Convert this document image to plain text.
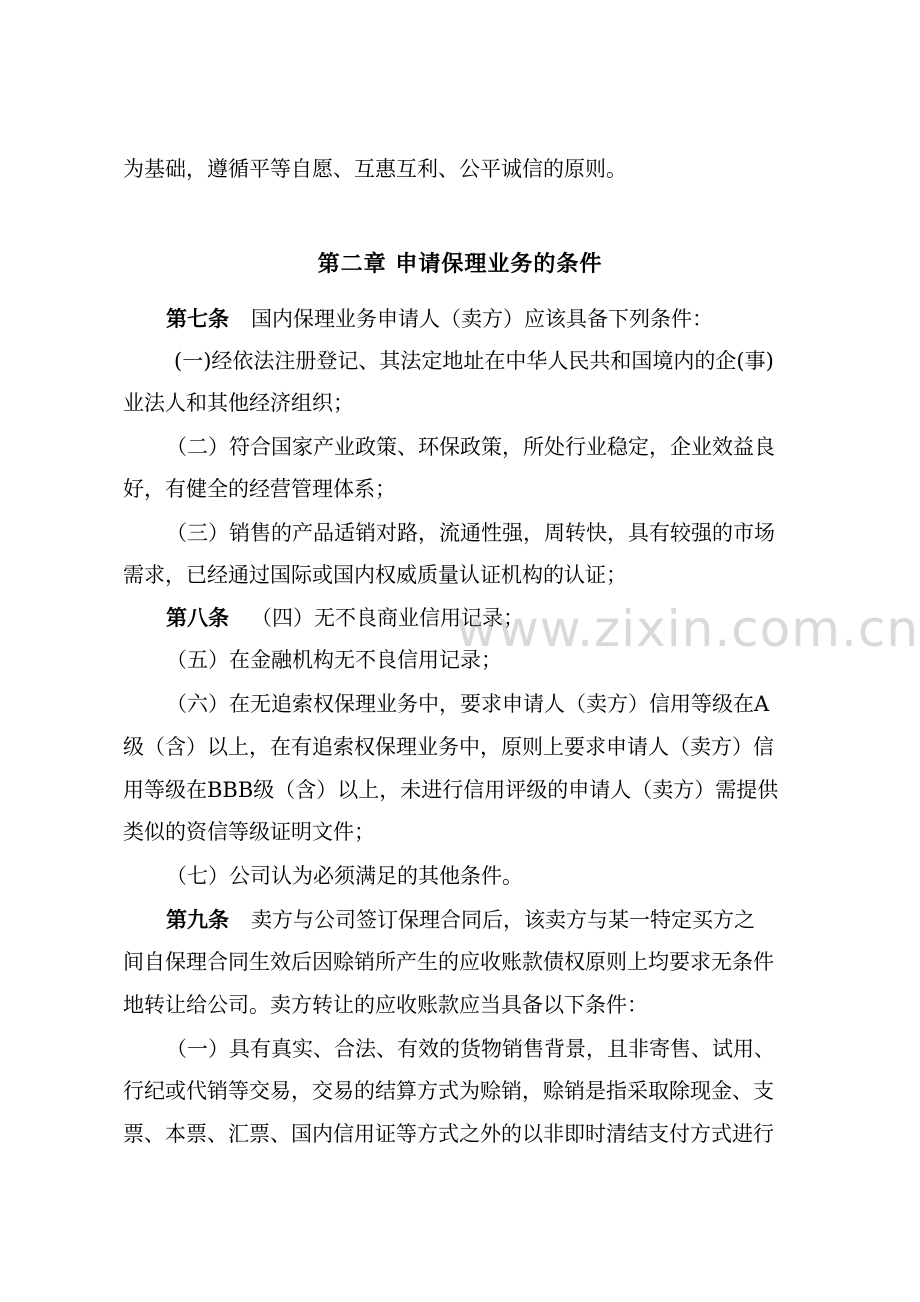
为基础，遵循平等自愿、互惠互利、公平诚信的原则。
第二章 申请保理业务的条件
第七条 国内保理业务申请人（卖方）应该具备下列条件：
(一)经依法注册登记、其法定地址在中华人民共和国境内的企(事)
业法人和其他经济组织；
（二）符合国家产业政策、环保政策，所处行业稳定，企业效益良
好，有健全的经营管理体系；
（三）销售的产品适销对路，流通性强，周转快，具有较强的市场
需求，已经通过国际或国内权威质量认证机构的认证；
第八条 （四）无不良商业信用记录；
（五）在金融机构无不良信用记录；
（六）在无追索权保理业务中，要求申请人（卖方）信用等级在A
级（含）以上，在有追索权保理业务中，原则上要求申请人（卖方）信
用等级在BBB级（含）以上，未进行信用评级的申请人（卖方）需提供
类似的资信等级证明文件；
（七）公司认为必须满足的其他条件。
第九条 卖方与公司签订保理合同后，该卖方与某一特定买方之
间自保理合同生效后因赊销所产生的应收账款债权原则上均要求无条件
地转让给公司。卖方转让的应收账款应当具备以下条件：
（一）具有真实、合法、有效的货物销售背景，且非寄售、试用、
行纪或代销等交易，交易的结算方式为赊销，赊销是指采取除现金、支
票、本票、汇票、国内信用证等方式之外的以非即时清结支付方式进行
www.zixin.com.cn
